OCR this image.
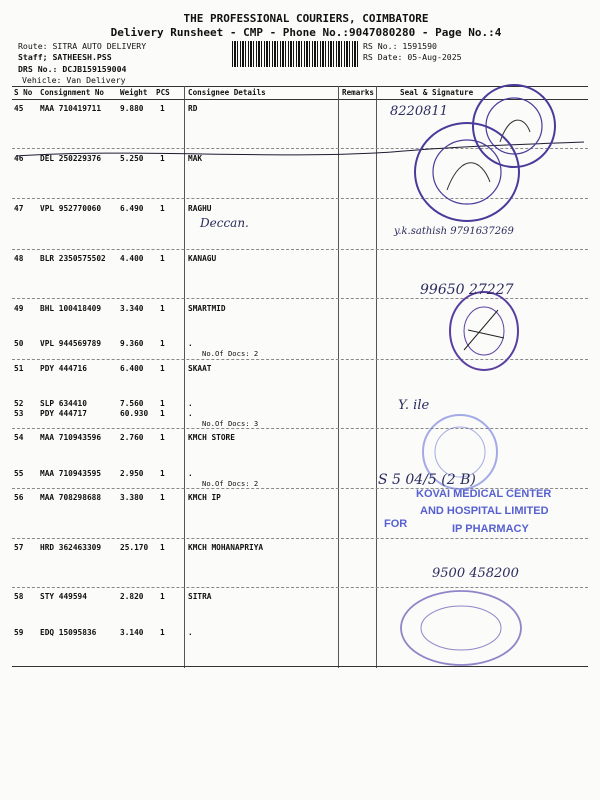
THE PROFESSIONAL COURIERS, COIMBATORE
Delivery Runsheet - CMP - Phone No.:9047080280 - Page No.:4
Route: SITRA AUTO DELIVERY
Staff; SATHEESH.PSS
DRS No.: DCJB159159004
Vehicle: Van Delivery
RS No.: 1591590
RS Date: 05-Aug-2025
S No Consignment No Weight PCS Consignee Details	Remarks	Seal & Signature
45 MAA 710419711 9.880 1	RD
46 DEL 250229376 5.250 1	MAK
47 VPL 952770060 6.490 1	RAGHU
48 BLR 2350575502 4.400 1	KANAGU
49 BHL 100418409 3.340 1	SMARTMID
50 VPL 944569789 9.360 1	.
No.Of Docs: 2
51 PDY 444716	6.400 1	SKAAT
52 SLP 634410	7.560 1	.
53 PDY 444717	60.930 1	.
No.Of Docs: 3
54 MAA 710943596 2.760 1	KMCH STORE
55 MAA 710943595 2.950 1	.
No.Of Docs: 2
56 MAA 708298688 3.380 1	KMCH IP
57 HRD 362463309 25.170 1	KMCH MOHANAPRIYA
58 STY 449594	2.820 1	SITRA
59 EDQ 15095836	3.140 1	.
KOVAI MEDICAL CENTER
FOR
AND HOSPITAL LIMITED
IP PHARMACY
8220811
Deccan.
y.k.sathish 9791637269
99650 27227
Y. ile
S 5 04/5 (2 B)
9500 458200
